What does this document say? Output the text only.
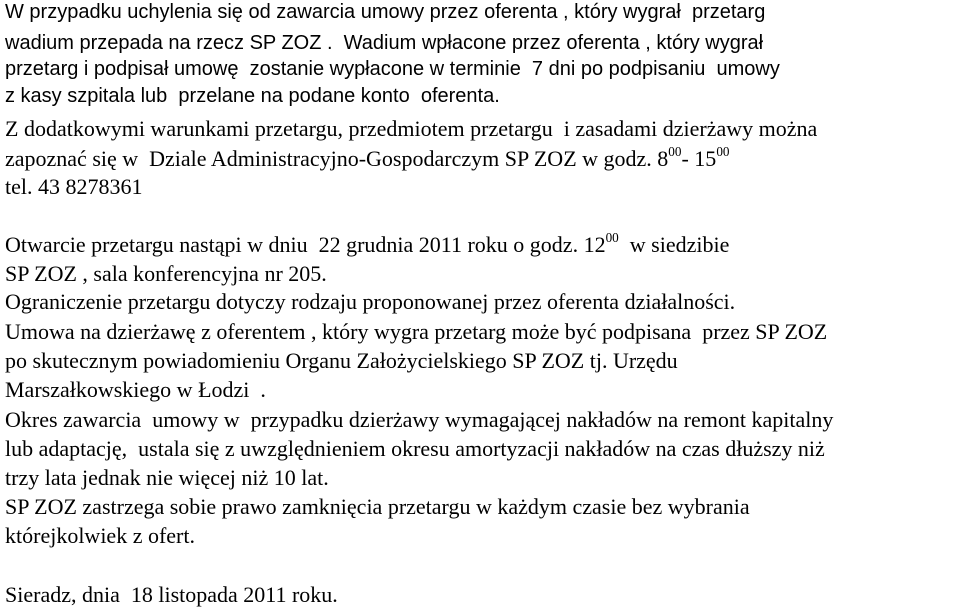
W przypadku uchylenia się od zawarcia umowy przez oferenta , który wygrał  przetarg
wadium przepada na rzecz SP ZOZ .  Wadium wpłacone przez oferenta , który wygrał
przetarg i podpisał umowę  zostanie wypłacone w terminie  7 dni po podpisaniu  umowy
z kasy szpitala lub  przelane na podane konto  oferenta.
Z dodatkowymi warunkami przetargu, przedmiotem przetargu  i zasadami dzierżawy można
zapoznać się w  Dziale Administracyjno-Gospodarczym SP ZOZ w godz. $8^{00}-$ $15^{00}$
tel. 43 8278361
Otwarcie przetargu nastąpi w dniu  22 grudnia 2011 roku o godz. $12^{00}$  w siedzibie
SP ZOZ , sala konferencyjna nr 205.
Ograniczenie przetargu dotyczy rodzaju proponowanej przez oferenta działalności.
Umowa na dzierżawę z oferentem , który wygra przetarg może być podpisana  przez SP ZOZ
po skutecznym powiadomieniu Organu Założycielskiego SP ZOZ tj. Urzędu
Marszałkowskiego w Łodzi  .
Okres zawarcia  umowy w  przypadku dzierżawy wymagającej nakładów na remont kapitalny
lub adaptację,  ustala się z uwzględnieniem okresu amortyzacji nakładów na czas dłuższy niż
trzy lata jednak nie więcej niż 10 lat.
SP ZOZ zastrzega sobie prawo zamknięcia przetargu w każdym czasie bez wybrania
którejkolwiek z ofert.
Sieradz, dnia  18 listopada 2011 roku.
